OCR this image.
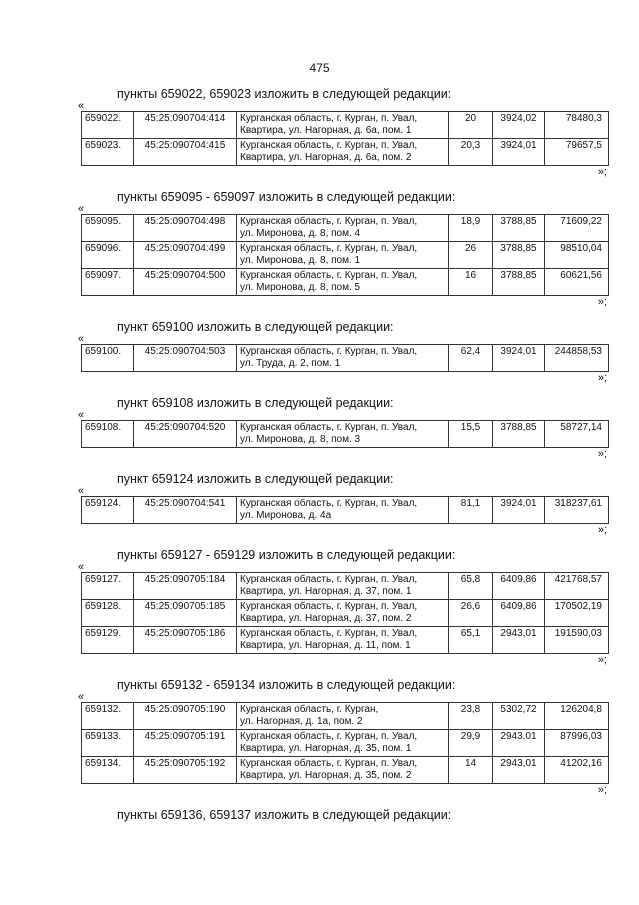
475
пункты 659022, 659023 изложить в следующей редакции:
«
659022.	45:25:090704:414	Курганская область, г. Курган, п. Увал,
Квартира, ул. Нагорная, д. 6а, пом. 1	20	3924,02	78480,3
659023.	45:25:090704:415	Курганская область, г. Курган, п. Увал,
Квартира, ул. Нагорная, д. 6а, пом. 2	20,3	3924,01	79657,5
»;
пункты 659095 - 659097 изложить в следующей редакции:
«
659095.	45:25:090704:498	Курганская область, г. Курган, п. Увал,
ул. Миронова, д. 8, пом. 4	18,9	3788,85	71609,22
659096.	45:25:090704:499	Курганская область, г. Курган, п. Увал,
ул. Миронова, д. 8, пом. 1	26	3788,85	98510,04
659097.	45:25:090704:500	Курганская область, г. Курган, п. Увал,
ул. Миронова, д. 8, пом. 5	16	3788,85	60621,56
»;
пункт 659100 изложить в следующей редакции:
«
659100.	45:25:090704:503	Курганская область, г. Курган, п. Увал,
ул. Труда, д. 2, пом. 1
	62,4	3924,01	244858,53
»;
пункт 659108 изложить в следующей редакции:
«
659108.	45:25:090704:520	Курганская область, г. Курган, п. Увал,
ул. Миронова, д. 8, пом. 3
	15,5	3788,85	58727,14
»;
пункт 659124 изложить в следующей редакции:
«
659124.	45:25:090704:541	Курганская область, г. Курган, п. Увал,
ул. Миронова, д. 4а
	81,1	3924,01	318237,61
»;
пункты 659127 - 659129 изложить в следующей редакции:
«
659127.	45:25:090705:184	Курганская область, г. Курган, п. Увал,
Квартира, ул. Нагорная, д. 37, пом. 1	65,8	6409,86	421768,57
659128.	45:25:090705:185	Курганская область, г. Курган, п. Увал,
Квартира, ул. Нагорная, д. 37, пом. 2	26,6	6409,86	170502,19
659129.	45:25:090705:186	Курганская область, г. Курган, п. Увал,
Квартира, ул. Нагорная, д. 11, пом. 1	65,1	2943,01	191590,03
»;
пункты 659132 - 659134 изложить в следующей редакции:
«
659132.	45:25:090705:190	Курганская область, г. Курган,
ул. Нагорная, д. 1а, пом. 2	23,8	5302,72	126204,8
659133.	45:25:090705:191	Курганская область, г. Курган, п. Увал,
Квартира, ул. Нагорная, д. 35, пом. 1	29,9	2943,01	87996,03
659134.	45:25:090705:192	Курганская область, г. Курган, п. Увал,
Квартира, ул. Нагорная, д. 35, пом. 2	14	2943,01	41202,16
»;
пункты 659136, 659137 изложить в следующей редакции:
